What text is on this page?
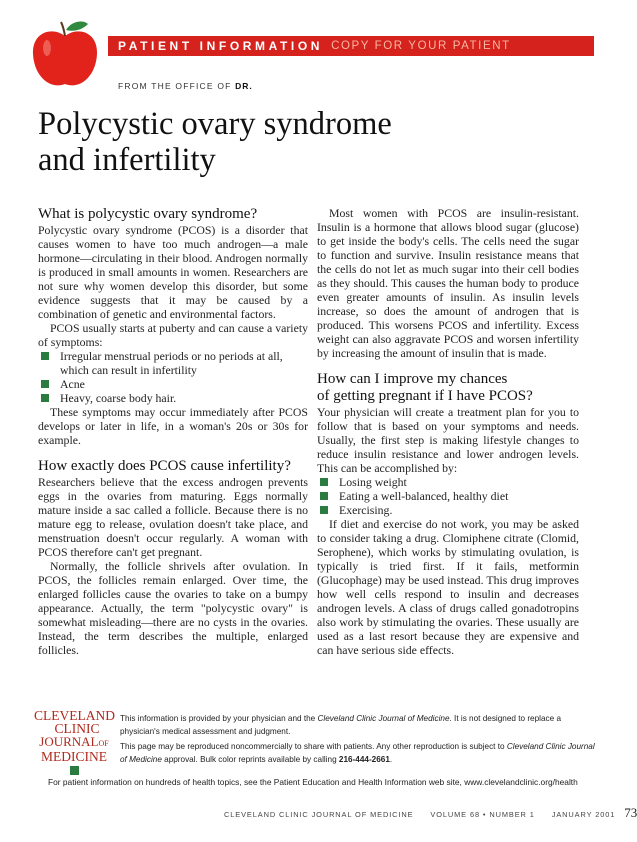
PATIENT INFORMATION COPY FOR YOUR PATIENT
FROM THE OFFICE OF DR.
Polycystic ovary syndrome
and infertility
What is polycystic ovary syndrome?

Polycystic ovary syndrome (PCOS) is a disorder that causes women to have too much androgen—a male hormone—circulating in their blood. Androgen normally is produced in small amounts in women. Researchers are not sure why women develop this disorder, but some evidence suggests that it may be caused by a combination of genetic and environmental factors.

PCOS usually starts at puberty and can cause a variety of symptoms:

Irregular menstrual periods or no periods at all, which can result in infertility
Acne
Heavy, coarse body hair.

These symptoms may occur immediately after PCOS develops or later in life, in a woman's 20s or 30s for example.

How exactly does PCOS cause infertility?

Researchers believe that the excess androgen prevents eggs in the ovaries from maturing. Eggs normally mature inside a sac called a follicle. Because there is no mature egg to release, ovulation doesn't take place, and menstruation doesn't occur regularly. A woman with PCOS therefore can't get pregnant.

Normally, the follicle shrivels after ovulation. In PCOS, the follicles remain enlarged. Over time, the enlarged follicles cause the ovaries to take on a bumpy appearance. Actually, the term "polycystic ovary" is somewhat misleading—there are no cysts in the ovaries. Instead, the term describes the multiple, enlarged follicles.

Most women with PCOS are insulin-resistant. Insulin is a hormone that allows blood sugar (glucose) to get inside the body's cells. The cells need the sugar to function and survive. Insulin resistance means that the cells do not let as much sugar into their cell bodies as they should. This causes the human body to produce even greater amounts of insulin. As insulin levels increase, so does the amount of androgen that is produced. This worsens PCOS and infertility. Excess weight can also aggravate PCOS and worsen infertility by increasing the amount of insulin that is made.

How can I improve my chances
of getting pregnant if I have PCOS?

Your physician will create a treatment plan for you to follow that is based on your symptoms and needs. Usually, the first step is making lifestyle changes to reduce insulin resistance and lower androgen levels. This can be accomplished by:

Losing weight
Eating a well-balanced, healthy diet
Exercising.

If diet and exercise do not work, you may be asked to consider taking a drug. Clomiphene citrate (Clomid, Serophene), which works by stimulating ovulation, is typically is tried first. If it fails, metformin (Glucophage) may be used instead. This drug improves how well cells respond to insulin and decreases androgen levels. A class of drugs called gonadotropins also work by stimulating the ovaries. These usually are used as a last resort because they are expensive and can have serious side effects.

CLEVELAND
CLINIC
JOURNALOF
MEDICINE

This information is provided by your physician and the Cleveland Clinic Journal of Medicine. It is not designed to replace a physician's medical assessment and judgment.

This page may be reproduced noncommercially to share with patients. Any other reproduction is subject to Cleveland Clinic Journal of Medicine approval. Bulk color reprints available by calling 216-444-2661.

For patient information on hundreds of health topics, see the Patient Education and Health Information web site, www.clevelandclinic.org/health
CLEVELAND CLINIC JOURNAL OF MEDICINE VOLUME 68 • NUMBER 1 JANUARY 2001 73
